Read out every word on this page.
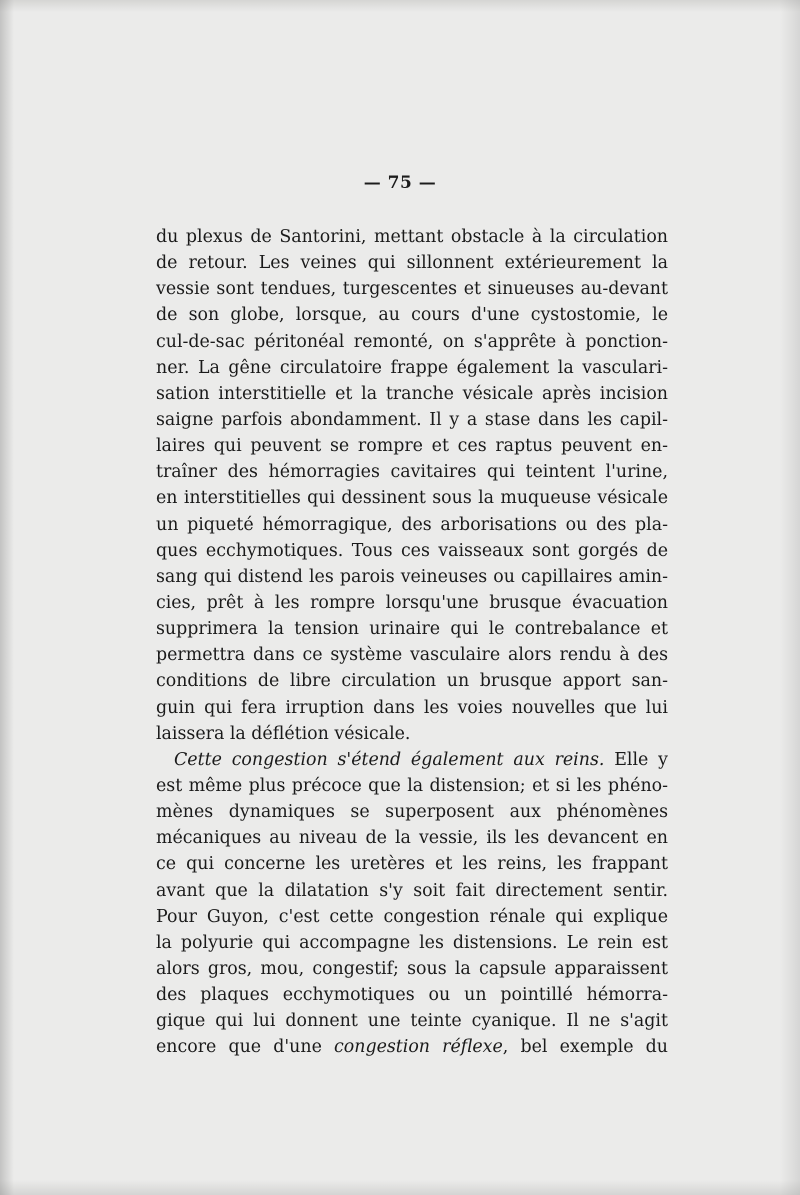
— 75 —
du plexus de Santorini, mettant obstacle à la circulation
de retour. Les veines qui sillonnent extérieurement la
vessie sont tendues, turgescentes et sinueuses au-devant
de son globe, lorsque, au cours d'une cystostomie, le
cul-de-sac péritonéal remonté, on s'apprête à ponction-
ner. La gêne circulatoire frappe également la vasculari-
sation interstitielle et la tranche vésicale après incision
saigne parfois abondamment. Il y a stase dans les capil-
laires qui peuvent se rompre et ces raptus peuvent en-
traîner des hémorragies cavitaires qui teintent l'urine,
en interstitielles qui dessinent sous la muqueuse vésicale
un piqueté hémorragique, des arborisations ou des pla-
ques ecchymotiques. Tous ces vaisseaux sont gorgés de
sang qui distend les parois veineuses ou capillaires amin-
cies, prêt à les rompre lorsqu'une brusque évacuation
supprimera la tension urinaire qui le contrebalance et
permettra dans ce système vasculaire alors rendu à des
conditions de libre circulation un brusque apport san-
guin qui fera irruption dans les voies nouvelles que lui
laissera la déflétion vésicale.
Cette congestion s'étend également aux reins. Elle y
est même plus précoce que la distension; et si les phéno-
mènes dynamiques se superposent aux phénomènes
mécaniques au niveau de la vessie, ils les devancent en
ce qui concerne les uretères et les reins, les frappant
avant que la dilatation s'y soit fait directement sentir.
Pour Guyon, c'est cette congestion rénale qui explique
la polyurie qui accompagne les distensions. Le rein est
alors gros, mou, congestif; sous la capsule apparaissent
des plaques ecchymotiques ou un pointillé hémorra-
gique qui lui donnent une teinte cyanique. Il ne s'agit
encore que d'une congestion réflexe, bel exemple du
